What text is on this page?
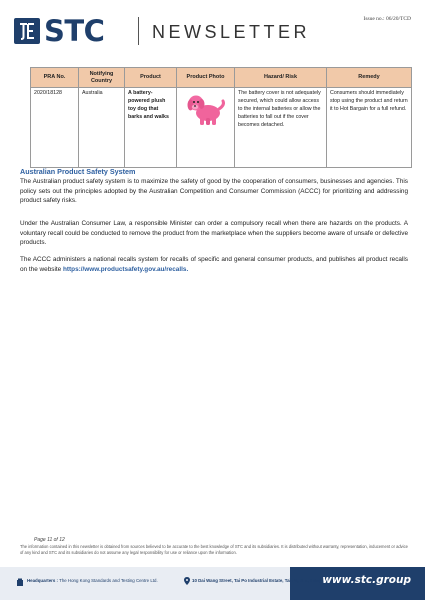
STC	NEWSLETTER
Issue no.: 06/20/TCD
PRA No.	Notifying Country	Product	Product Photo	Hazard/ Risk	Remedy
2020/18128	Australia	A battery-powered plush toy dog that barks and walks		The battery cover is not adequately secured, which could allow access to the internal batteries or allow the batteries to fall out if the cover becomes detached.	Consumers should immediately stop using the product and return it to Hot Bargain for a full refund.
Australian Product Safety System
The Australian product safety system is to maximize the safety of good by the cooperation of consumers, businesses and agencies. This policy sets out the principles adopted by the Australian Competition and Consumer Commission (ACCC) for prioritizing and addressing product safety risks.
Under the Australian Consumer Law, a responsible Minister can order a compulsory recall when there are hazards on the products. A voluntary recall could be conducted to remove the product from the marketplace when the suppliers become aware of unsafe or defective products.
The ACCC administers a national recalls system for recalls of specific and general consumer products, and publishes all product recalls on the website https://www.productsafety.gov.au/recalls.
Page 11 of 12
The information contained in this newsletter is obtained from sources believed to be accurate to the best knowledge of STC and its subsidiaries. It is distributed without warranty, representation, inducement or advice of any kind and STC and its subsidiaries do not assume any legal responsibility for use or reliance upon the information.
Headquarters : The Hong Kong Standards and Testing Centre Ltd.	10 Dai Wang Street, Tai Po Industrial Estate, Tai Po, N.T., Hong Kong
www.stc.group
